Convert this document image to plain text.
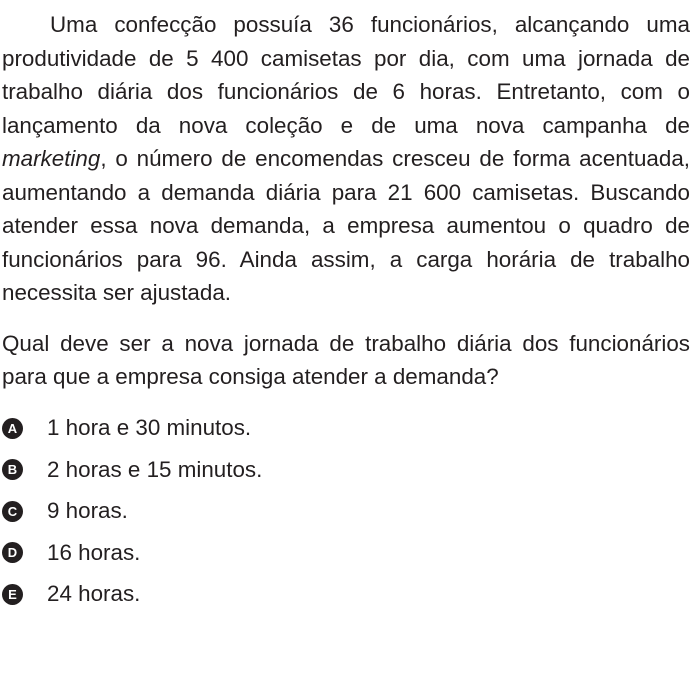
Uma confecção possuía 36 funcionários, alcançando uma produtividade de 5 400 camisetas por dia, com uma jornada de trabalho diária dos funcionários de 6 horas. Entretanto, com o lançamento da nova coleção e de uma nova campanha de marketing, o número de encomendas cresceu de forma acentuada, aumentando a demanda diária para 21 600 camisetas. Buscando atender essa nova demanda, a empresa aumentou o quadro de funcionários para 96. Ainda assim, a carga horária de trabalho necessita ser ajustada.

Qual deve ser a nova jornada de trabalho diária dos funcionários para que a empresa consiga atender a demanda?

A 1 hora e 30 minutos.
B 2 horas e 15 minutos.
C 9 horas.
D 16 horas.
E 24 horas.
